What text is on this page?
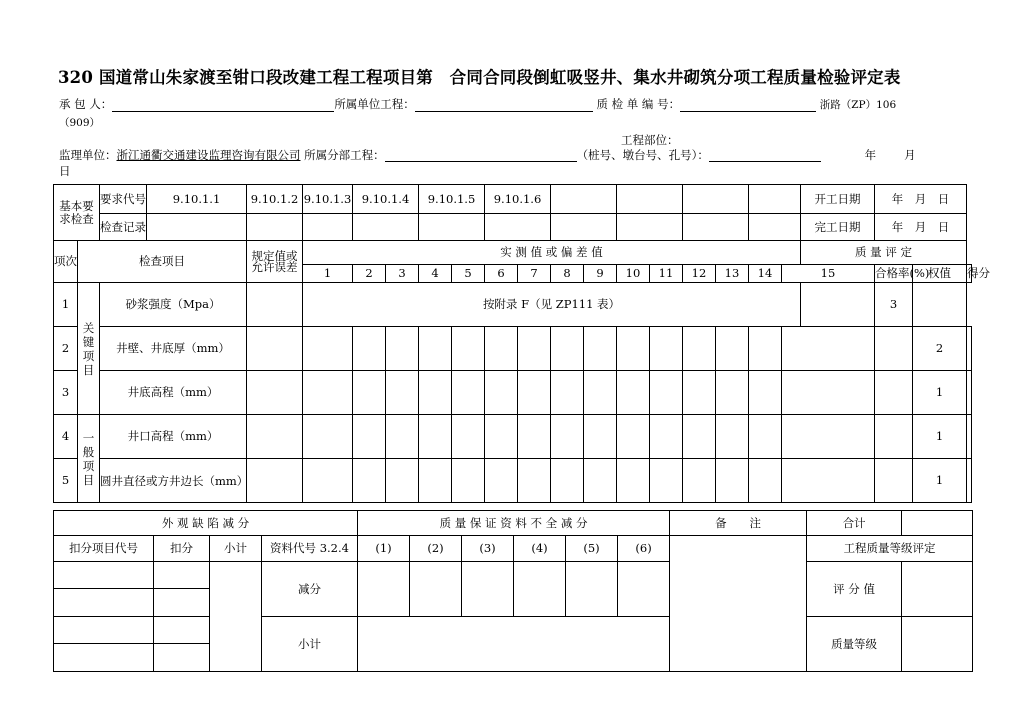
320 国道常山朱家渡至钳口段改建工程工程项目第　合同合同段倒虹吸竖井、集水井砌筑分项工程质量检验评定表
承 包 人：	所属单位工程：	质 检 单 编 号：	浙路（ZP）106
（909）
工程部位：
监理单位：浙江通衢交通建设监理咨询有限公司 所属分部工程：	（桩号、墩台号、孔号）：	年 月
日
基本要求检查		要求代号	9.10.1.1	9.10.1.2	9.10.1.3	9.10.1.4		9.10.1.5		9.10.1.6										开工日期	年　月　日		
		检查记录																		完工日期	年　月　日		
项次	检查项目			规定值或允许误差	实 测 值 或 偏 差 值															质 量 评 定			
					1	2	3	4	5	6	7	8	9	10	11	12	13	14	15		合格率(%)	权值	得分
1	关键项目	砂浆强度（Mpa）			按附录 F（见 ZP111 表）																3		
2		井壁、井底厚（mm）																				2	
3		井底高程（mm）																				1	
4	一般项目	井口高程（mm）																				1	
5		圆井直径或方井边长（mm）																				1	
外 观 缺 陷 减 分				质 量 保 证 资 料 不 全 减 分						备　　注	合计	
扣分项目代号	扣分	小计	资料代号 3.2.4	(1)	(2)	(3)	(4)	(5)	(6)		工程质量等级评定	
			减分								评 分 值	

			小计								质量等级	
